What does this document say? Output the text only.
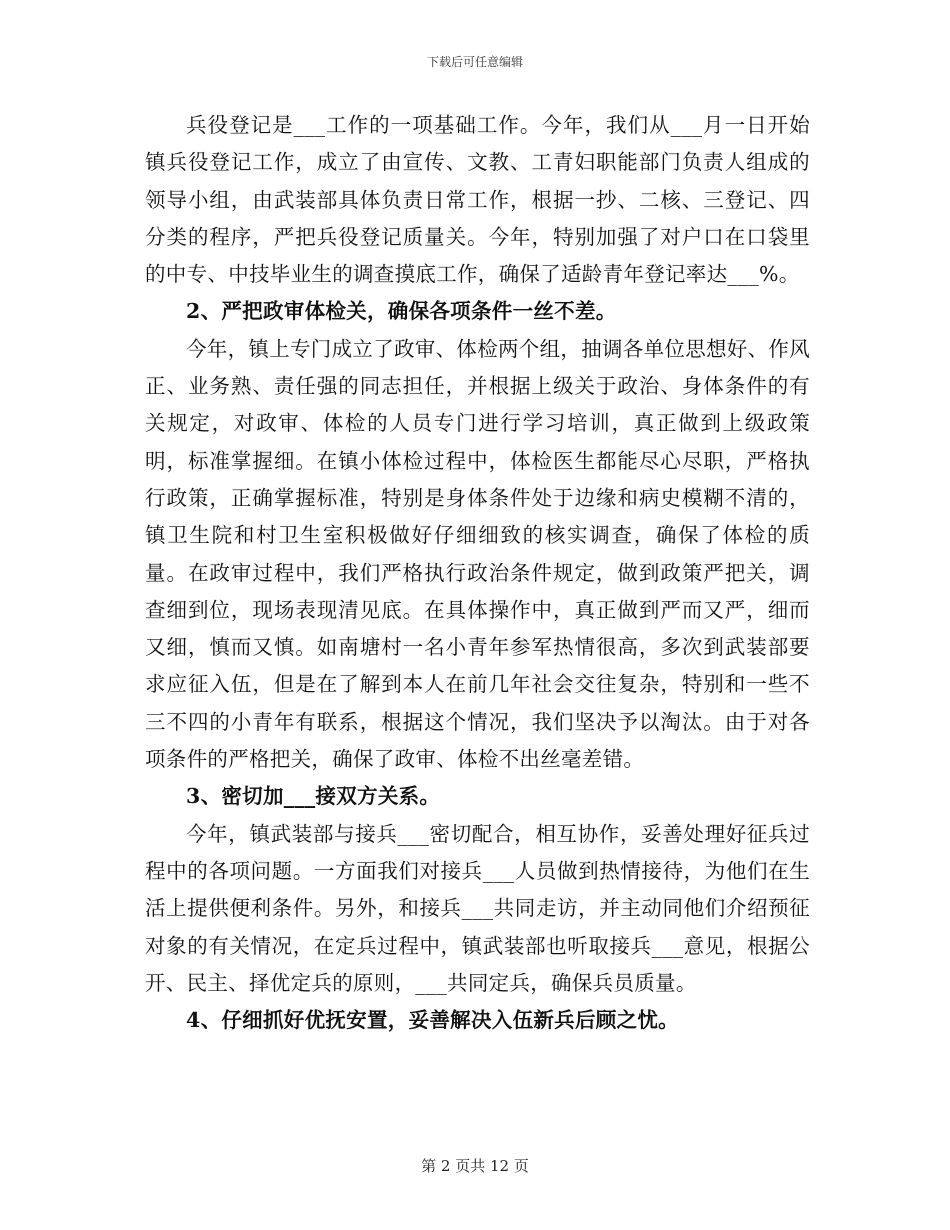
下载后可任意编辑

兵役登记是___工作的一项基础工作。今年，我们从___月一日开始镇兵役登记工作，成立了由宣传、文教、工青妇职能部门负责人组成的领导小组，由武装部具体负责日常工作，根据一抄、二核、三登记、四分类的程序，严把兵役登记质量关。今年，特别加强了对户口在口袋里的中专、中技毕业生的调查摸底工作，确保了适龄青年登记率达___%。

2、严把政审体检关，确保各项条件一丝不差。

今年，镇上专门成立了政审、体检两个组，抽调各单位思想好、作风正、业务熟、责任强的同志担任，并根据上级关于政治、身体条件的有关规定，对政审、体检的人员专门进行学习培训，真正做到上级政策明，标准掌握细。在镇小体检过程中，体检医生都能尽心尽职，严格执行政策，正确掌握标准，特别是身体条件处于边缘和病史模糊不清的，镇卫生院和村卫生室积极做好仔细细致的核实调查，确保了体检的质量。在政审过程中，我们严格执行政治条件规定，做到政策严把关，调查细到位，现场表现清见底。在具体操作中，真正做到严而又严，细而又细，慎而又慎。如南塘村一名小青年参军热情很高，多次到武装部要求应征入伍，但是在了解到本人在前几年社会交往复杂，特别和一些不三不四的小青年有联系，根据这个情况，我们坚决予以淘汰。由于对各项条件的严格把关，确保了政审、体检不出丝毫差错。

3、密切加___接双方关系。

今年，镇武装部与接兵___密切配合，相互协作，妥善处理好征兵过程中的各项问题。一方面我们对接兵___人员做到热情接待，为他们在生活上提供便利条件。另外，和接兵___共同走访，并主动同他们介绍预征对象的有关情况，在定兵过程中，镇武装部也听取接兵___意见，根据公开、民主、择优定兵的原则，___共同定兵，确保兵员质量。

4、仔细抓好优抚安置，妥善解决入伍新兵后顾之忧。

第 2 页共 12 页
